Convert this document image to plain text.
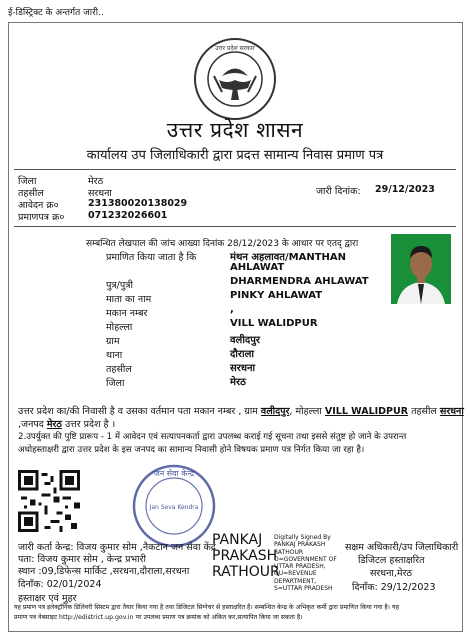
ई-डिस्ट्रिक्ट के अन्तर्गत जारी..
उत्तर प्रदेश सरकार
उत्तर प्रदेश शासन
कार्यालय उप जिलाधिकारी द्वारा प्रदत्त सामान्य निवास प्रमाण पत्र
जिला	मेरठ
तहसील	सरधना
आवेदन क्र०	231380020138029
प्रमाणपत्र क्र० 071232026601
जारी दिनांक: 29/12/2023
सम्बन्धित लेखपाल की जांच आख्या दिनांक 28/12/2023 के आधार पर एतद् द्वारा
प्रमाणित किया जाता है कि	मंथन अहलावत/MANTHAN
AHLAWAT
पुत्र/पुत्री	DHARMENDRA AHLAWAT
माता का नाम	PINKY AHLAWAT
मकान नम्बर	,
मोहल्ला	VILL WALIDPUR
ग्राम	वलीदपुर
थाना	दौराला
तहसील	सरधना
जिला	मेरठ
उत्तर प्रदेश का/की निवासी है व उसका वर्तमान पता मकान नम्बर , ग्राम वलीदपुर, मोहल्ला VILL WALIDPUR तहसील सरधना
,जनपद मेरठ उत्तर प्रदेश है ।
2.उपर्युक्त की पुष्टि प्रारूप - 1 में आवेदन एवं सत्यापनकर्ता द्वारा उपलब्ध कराई गई सूचना तथा इससे संतुष्ट हो जाने के उपरान्त
अधोहस्ताक्षरी द्वारा उत्तर प्रदेश के इस जनपद का सामान्य निवासी होने विषयक प्रमाण पत्र निर्गत किया जा रहा है।
जन सेवा केन्द्र
Jan Seva Kendra
जारी कर्ता केन्द्र: विजय कुमार सोम ,नैकटान जन सेवा केंद्र
पता: विजय कुमार सोम , केन्द्र प्रभारी
स्थान :09,डिफेन्स मार्किट ,सरधना,दौराला,सरधना
दिनाँक: 02/01/2024
हस्ताक्षर एवं मुहर
PANKAJ PRAKASH RATHOUR
Digitally Signed By PANKAJ PRAKASH RATHOUR O=GOVERNMENT OF UTTAR PRADESH, OU=REVENUE DEPARTMENT, S=UTTAR PRADESH
सक्षम अधिकारी/उप जिलाधिकारी
डिजिटल हस्ताक्षरित
सरधना,मेरठ
दिनाँक: 29/12/2023
यह प्रमाण पत्र इलेक्ट्रॉनिक डिलिवरी सिस्टम द्वारा तैयार किया गया है तथा डिजिटल सिग्नेचर से हस्ताक्षरित है। सम्बन्धित केन्द्र के अभिकृत कर्मी द्वारा प्रमाणित किया गया है। यह
प्रमाण पत्र वेबसाइट http://edistrict.up.gov.in पर उपलब्ध प्रमाण पत्र क्रमांक को अंकित कर,सत्यापित किया जा सकता है।
